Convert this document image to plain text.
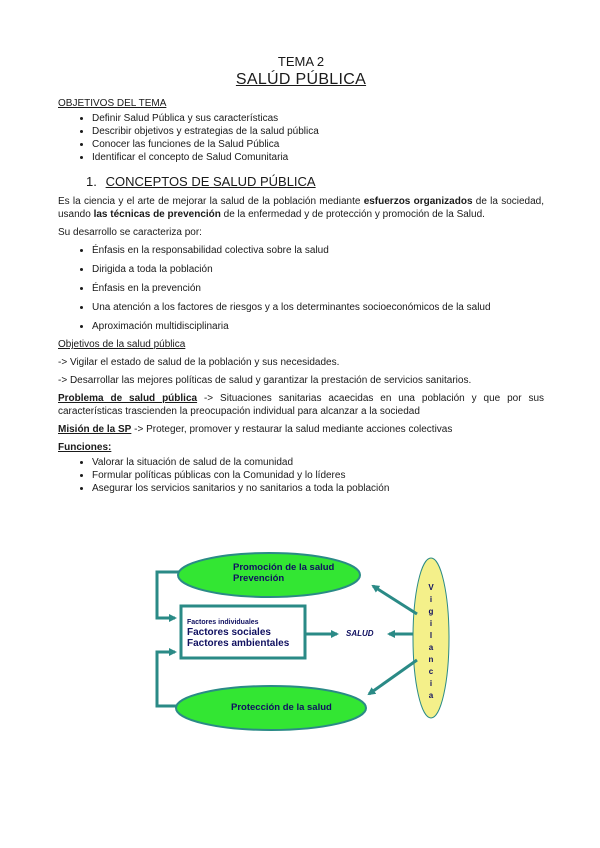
TEMA 2
SALÚD PÚBLICA
OBJETIVOS DEL TEMA
• Definir Salud Pública y sus características
• Describir objetivos y estrategias de la salud pública
• Conocer las funciones de la Salud Pública
• Identificar el concepto de Salud Comunitaria
1. CONCEPTOS DE SALUD PÚBLICA
Es la ciencia y el arte de mejorar la salud de la población mediante esfuerzos organizados de la sociedad, usando las técnicas de prevención de la enfermedad y de protección y promoción de la Salud.
Su desarrollo se caracteriza por:
• Énfasis en la responsabilidad colectiva sobre la salud
• Dirigida a toda la población
• Énfasis en la prevención
• Una atención a los factores de riesgos y a los determinantes socioeconómicos de la salud
• Aproximación multidisciplinaria
Objetivos de la salud pública
-> Vigilar el estado de salud de la población y sus necesidades.
-> Desarrollar las mejores políticas de salud y garantizar la prestación de servicios sanitarios.
Problema de salud pública -> Situaciones sanitarias acaecidas en una población y que por sus características trascienden la preocupación individual para alcanzar a la sociedad
Misión de la SP -> Proteger, promover y restaurar la salud mediante acciones colectivas
Funciones:
• Valorar la situación de salud de la comunidad
• Formular políticas públicas con la Comunidad y lo líderes
• Asegurar los servicios sanitarios y no sanitarios a toda la población
Promoción de la salud
Prevención
Factores individuales
Factores sociales
Factores ambientales
SALUD
V
i
g
i
l
a
n
c
i
a
Protección de la salud
